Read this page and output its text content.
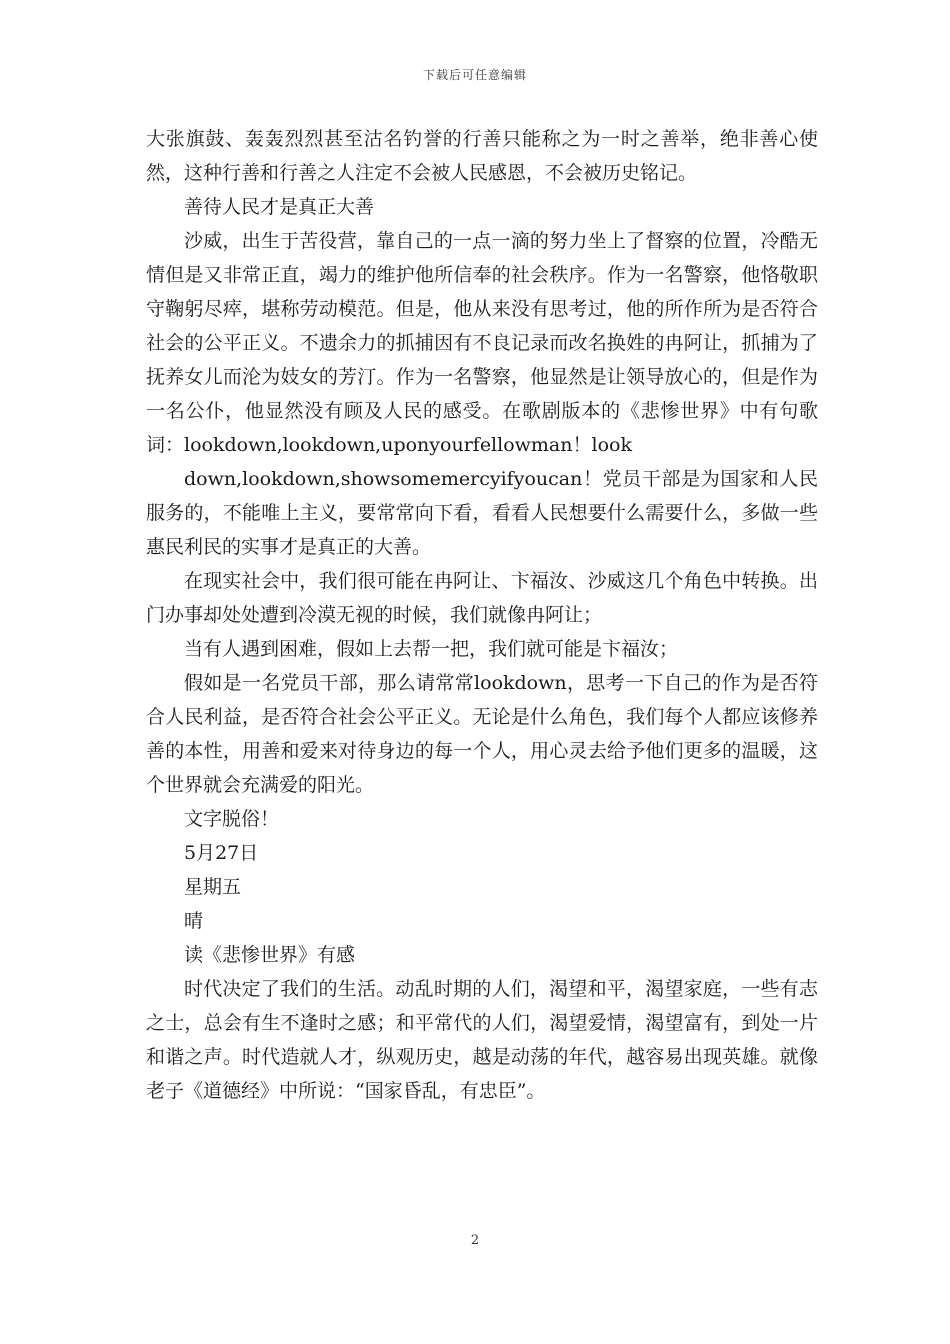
下载后可任意编辑

大张旗鼓、轰轰烈烈甚至沽名钓誉的行善只能称之为一时之善举，绝非善心使然，这种行善和行善之人注定不会被人民感恩，不会被历史铭记。

善待人民才是真正大善

沙威，出生于苦役营，靠自己的一点一滴的努力坐上了督察的位置，冷酷无情但是又非常正直，竭力的维护他所信奉的社会秩序。作为一名警察，他恪敬职守鞠躬尽瘁，堪称劳动模范。但是，他从来没有思考过，他的所作所为是否符合社会的公平正义。不遗余力的抓捕因有不良记录而改名换姓的冉阿让，抓捕为了抚养女儿而沦为妓女的芳汀。作为一名警察，他显然是让领导放心的，但是作为一名公仆，他显然没有顾及人民的感受。在歌剧版本的《悲惨世界》中有句歌词：lookdown,lookdown,uponyourfellowman！look

down,lookdown,showsomemercyifyoucan！党员干部是为国家和人民服务的，不能唯上主义，要常常向下看，看看人民想要什么需要什么，多做一些惠民利民的实事才是真正的大善。

在现实社会中，我们很可能在冉阿让、卞福汝、沙威这几个角色中转换。出门办事却处处遭到冷漠无视的时候，我们就像冉阿让；

当有人遇到困难，假如上去帮一把，我们就可能是卞福汝；

假如是一名党员干部，那么请常常lookdown，思考一下自己的作为是否符合人民利益，是否符合社会公平正义。无论是什么角色，我们每个人都应该修养善的本性，用善和爱来对待身边的每一个人，用心灵去给予他们更多的温暖，这个世界就会充满爱的阳光。

文字脱俗！

5月27日

星期五

晴

读《悲惨世界》有感

时代决定了我们的生活。动乱时期的人们，渴望和平，渴望家庭，一些有志之士，总会有生不逢时之感；和平常代的人们，渴望爱情，渴望富有，到处一片和谐之声。时代造就人才，纵观历史，越是动荡的年代，越容易出现英雄。就像老子《道德经》中所说：“国家昏乱，有忠臣”。

2
